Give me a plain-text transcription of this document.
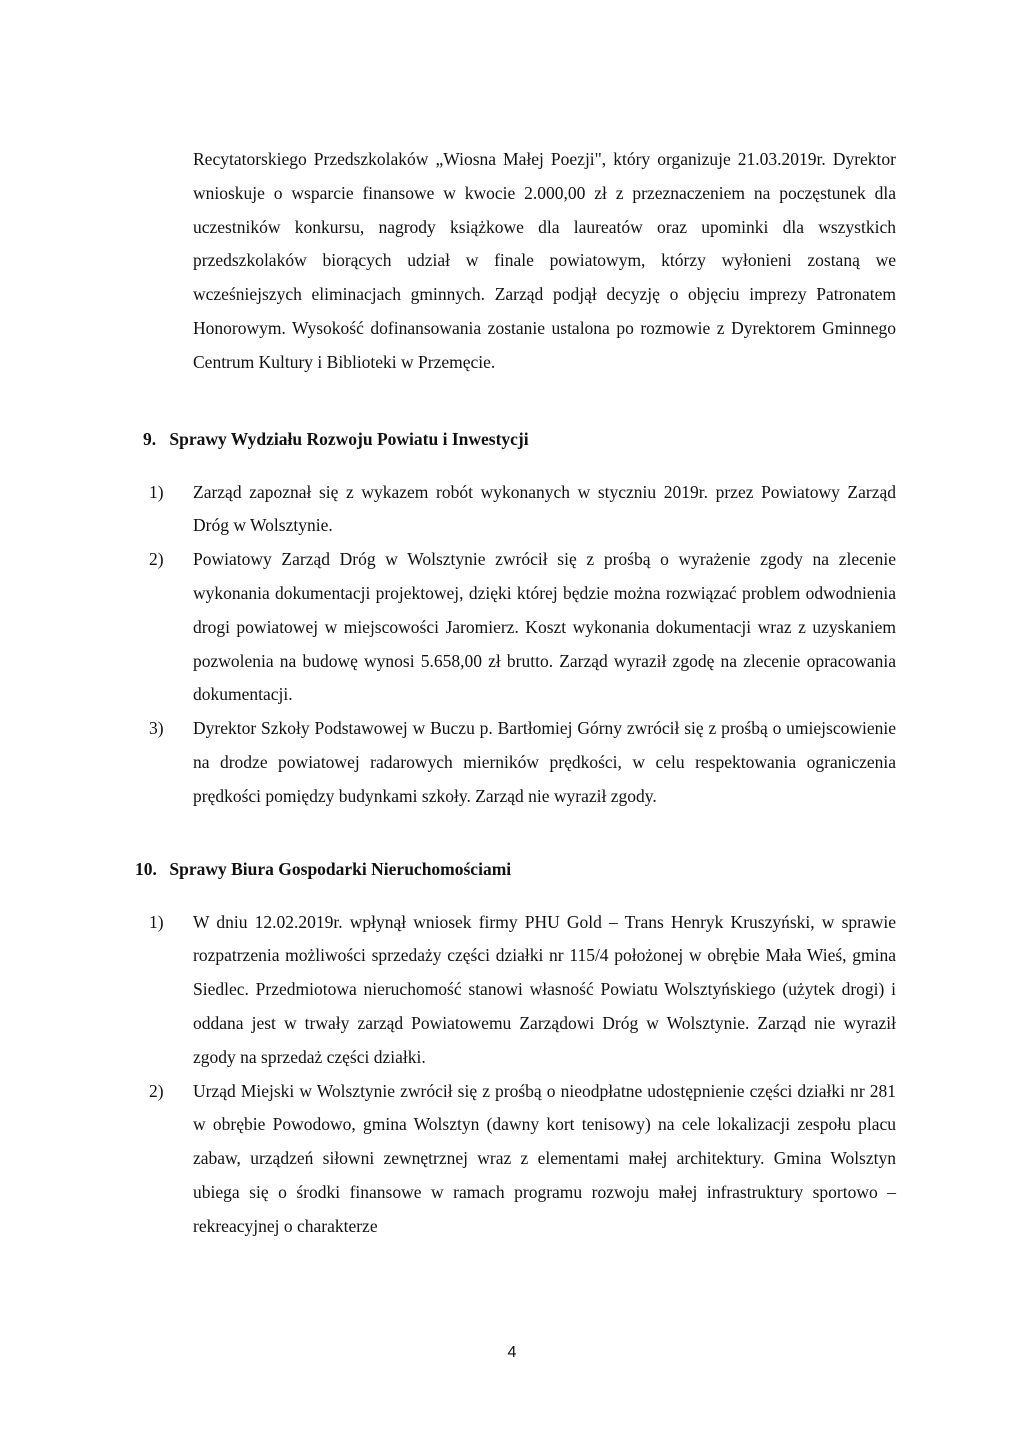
Recytatorskiego Przedszkolaków „Wiosna Małej Poezji", który organizuje 21.03.2019r. Dyrektor wnioskuje o wsparcie finansowe w kwocie 2.000,00 zł z przeznaczeniem na poczęstunek dla uczestników konkursu, nagrody książkowe dla laureatów oraz upominki dla wszystkich przedszkolaków biorących udział w finale powiatowym, którzy wyłonieni zostaną we wcześniejszych eliminacjach gminnych. Zarząd podjął decyzję o objęciu imprezy Patronatem Honorowym. Wysokość dofinansowania zostanie ustalona po rozmowie z Dyrektorem Gminnego Centrum Kultury i Biblioteki w Przemęcie.

9. Sprawy Wydziału Rozwoju Powiatu i Inwestycji
1) Zarząd zapoznał się z wykazem robót wykonanych w styczniu 2019r. przez Powiatowy Zarząd Dróg w Wolsztynie.

2) Powiatowy Zarząd Dróg w Wolsztynie zwrócił się z prośbą o wyrażenie zgody na zlecenie wykonania dokumentacji projektowej, dzięki której będzie można rozwiązać problem odwodnienia drogi powiatowej w miejscowości Jaromierz. Koszt wykonania dokumentacji wraz z uzyskaniem pozwolenia na budowę wynosi 5.658,00 zł brutto. Zarząd wyraził zgodę na zlecenie opracowania dokumentacji.

3) Dyrektor Szkoły Podstawowej w Buczu p. Bartłomiej Górny zwrócił się z prośbą o umiejscowienie na drodze powiatowej radarowych mierników prędkości, w celu respektowania ograniczenia prędkości pomiędzy budynkami szkoły. Zarząd nie wyraził zgody.

10. Sprawy Biura Gospodarki Nieruchomościami
1) W dniu 12.02.2019r. wpłynął wniosek firmy PHU Gold – Trans Henryk Kruszyński, w sprawie rozpatrzenia możliwości sprzedaży części działki nr 115/4 położonej w obrębie Mała Wieś, gmina Siedlec. Przedmiotowa nieruchomość stanowi własność Powiatu Wolsztyńskiego (użytek drogi) i oddana jest w trwały zarząd Powiatowemu Zarządowi Dróg w Wolsztynie. Zarząd nie wyraził zgody na sprzedaż części działki.

2) Urząd Miejski w Wolsztynie zwrócił się z prośbą o nieodpłatne udostępnienie części działki nr 281 w obrębie Powodowo, gmina Wolsztyn (dawny kort tenisowy) na cele lokalizacji zespołu placu zabaw, urządzeń siłowni zewnętrznej wraz z elementami małej architektury. Gmina Wolsztyn ubiega się o środki finansowe w ramach programu rozwoju małej infrastruktury sportowo – rekreacyjnej o charakterze

4
